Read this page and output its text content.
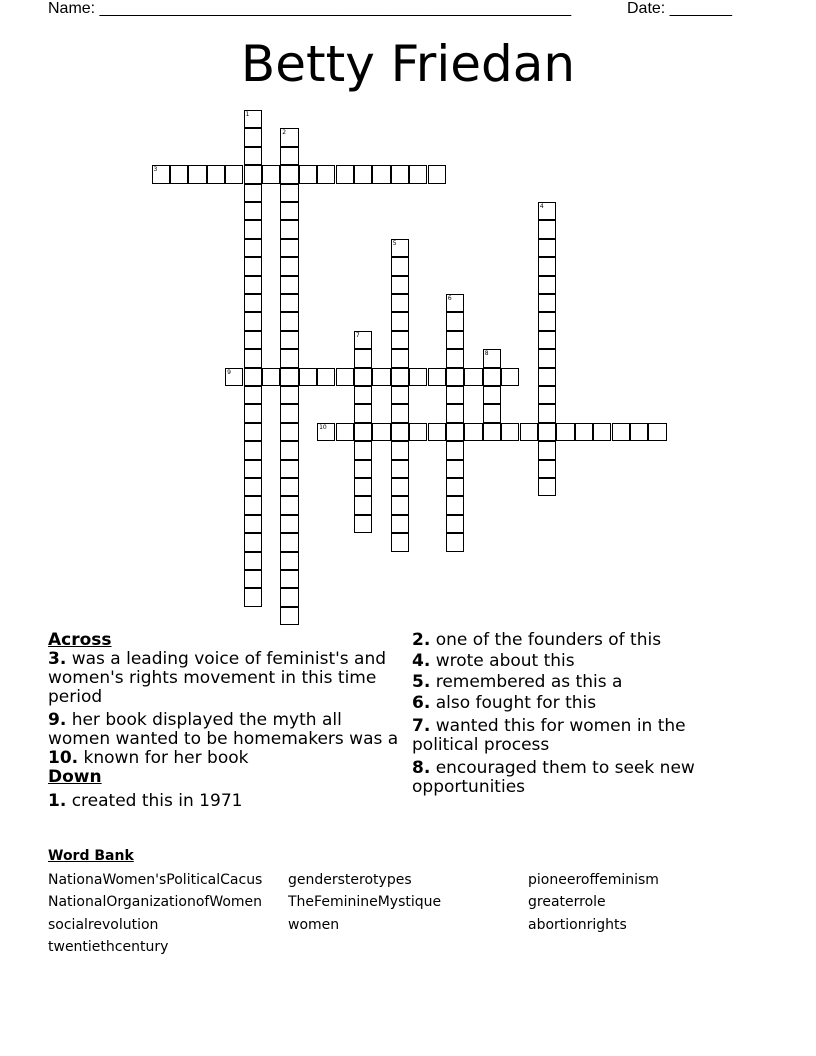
Name: _____________________________________________________	Date: _______
Betty Friedan
1
2
3
4
5
6
7
8
9
10
Across
3. was a leading voice of feminist's and women's rights movement in this time period
9. her book displayed the myth all women wanted to be homemakers was a
10. known for her book
Down
1. created this in 1971
2. one of the founders of this
4. wrote about this
5. remembered as this a
6. also fought for this
7. wanted this for women in the political process
8. encouraged them to seek new opportunities
Word Bank
NationaWomen'sPoliticalCacus	gendersterotypes	pioneeroffeminism
NationalOrganizationofWomen	TheFeminineMystique	greaterrole
socialrevolution	women	abortionrights
twentiethcentury
